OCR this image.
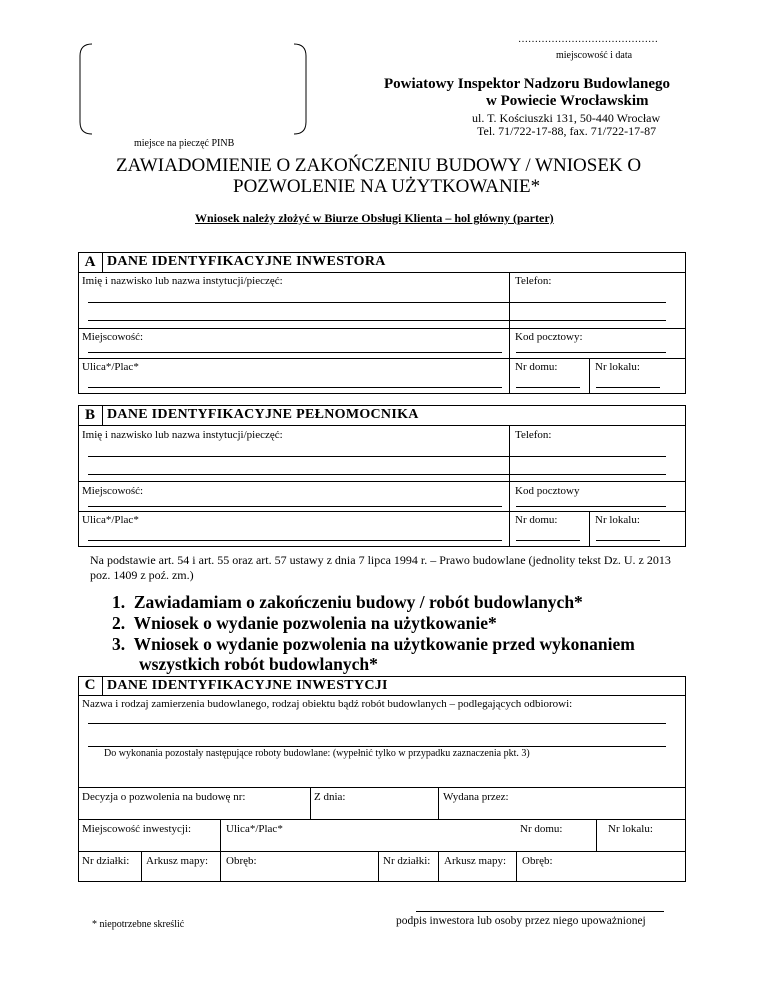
……………………………………
miejscowość i data
miejsce na pieczęć PINB
Powiatowy Inspektor Nadzoru Budowlanego
w Powiecie Wrocławskim
ul. T. Kościuszki 131, 50-440 Wrocław
Tel. 71/722-17-88, fax. 71/722-17-87
ZAWIADOMIENIE O ZAKOŃCZENIU BUDOWY / WNIOSEK O
POZWOLENIE NA UŻYTKOWANIE*
Wniosek należy złożyć w Biurze Obsługi Klienta – hol główny (parter)
A DANE IDENTYFIKACYJNE INWESTORA
Imię i nazwisko lub nazwa instytucji/pieczęć:	Telefon:
Miejscowość:	Kod pocztowy:
Ulica*/Plac*	Nr domu:	Nr lokalu:
B DANE IDENTYFIKACYJNE PEŁNOMOCNIKA
Imię i nazwisko lub nazwa instytucji/pieczęć:	Telefon:
Miejscowość:	Kod pocztowy
Ulica*/Plac*	Nr domu:	Nr lokalu:
Na podstawie art. 54 i art. 55 oraz art. 57 ustawy z dnia 7 lipca 1994 r. – Prawo budowlane (jednolity tekst Dz. U. z 2013
poz. 1409 z poź. zm.)
1. Zawiadamiam o zakończeniu budowy / robót budowlanych*
2. Wniosek o wydanie pozwolenia na użytkowanie*
3. Wniosek o wydanie pozwolenia na użytkowanie przed wykonaniem
wszystkich robót budowlanych*
C DANE IDENTYFIKACYJNE INWESTYCJI
Nazwa i rodzaj zamierzenia budowlanego, rodzaj obiektu bądź robót budowlanych – podlegających odbiorowi:
Do wykonania pozostały następujące roboty budowlane: (wypełnić tylko w przypadku zaznaczenia pkt. 3)
Decyzja o pozwolenia na budowę nr:	Z dnia:	Wydana przez:
Miejscowość inwestycji:	Ulica*/Plac*	Nr domu:	Nr lokalu:
Nr działki: Arkusz mapy: Obręb:	Nr działki: Arkusz mapy: Obręb:
* niepotrzebne skreślić	podpis inwestora lub osoby przez niego upoważnionej
